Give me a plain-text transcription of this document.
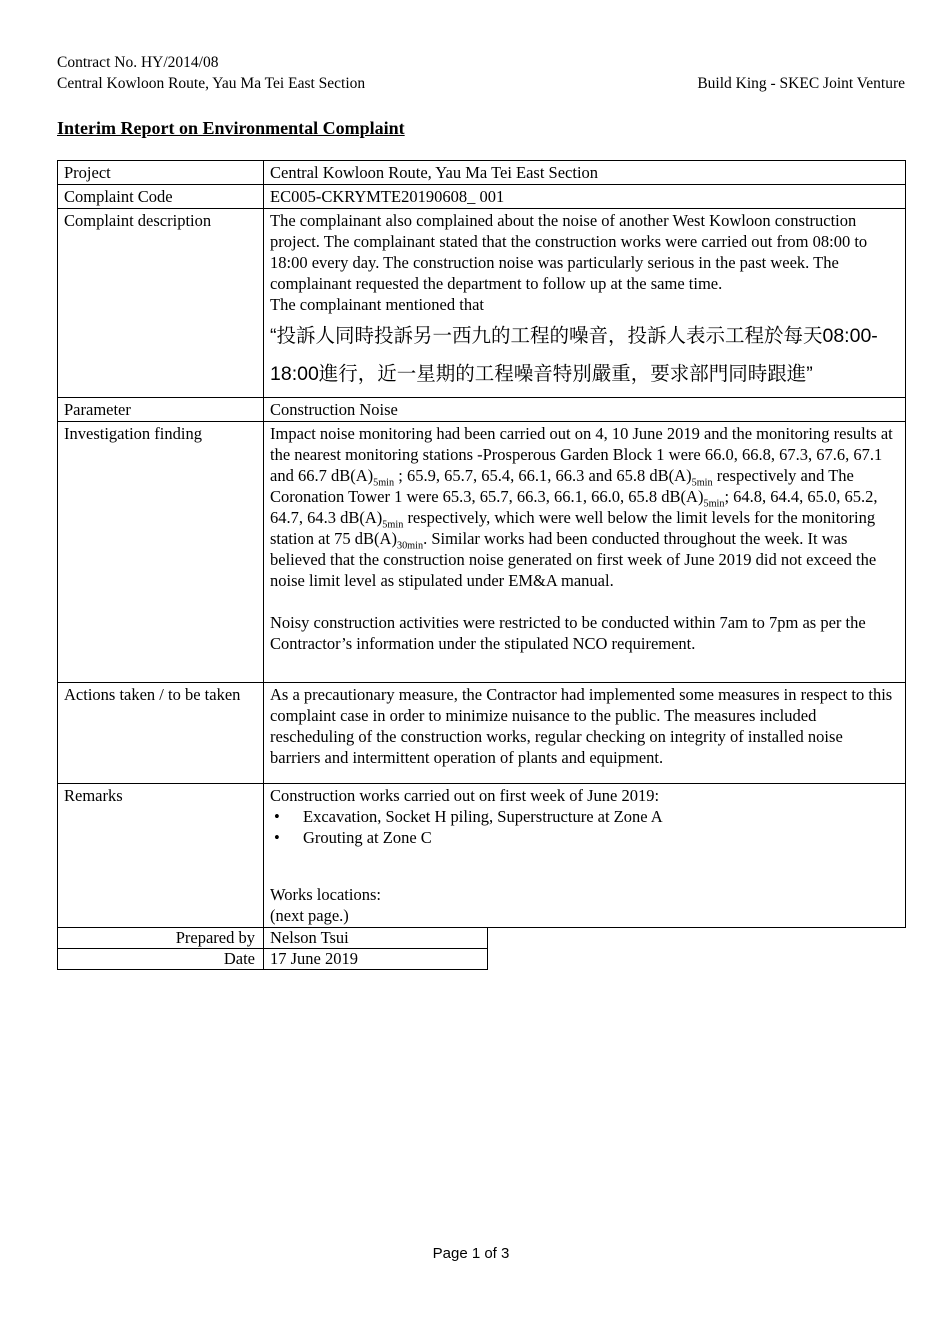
Contract No. HY/2014/08
Central Kowloon Route, Yau Ma Tei East Section	Build King - SKEC Joint Venture
Interim Report on Environmental Complaint
Project	Central Kowloon Route, Yau Ma Tei East Section
Complaint Code	EC005-CKRYMTE20190608_ 001
Complaint description	The complainant also complained about the noise of another West Kowloon construction project. The complainant stated that the construction works were carried out from 08:00 to 18:00 every day. The construction noise was particularly serious in the past week. The complainant requested the department to follow up at the same time.
The complainant mentioned that
“投訴人同時投訴另一西九的工程的噪音，投訴人表示工程於每天08:00-18:00進行，近一星期的工程噪音特別嚴重，要求部門同時跟進”

Parameter	Construction Noise
Investigation finding	Impact noise monitoring had been carried out on 4, 10 June 2019 and the monitoring results at the nearest monitoring stations -Prosperous Garden Block 1 were 66.0, 66.8, 67.3, 67.6, 67.1 and 66.7 $dB(A)_{5min}$ ; 65.9, 65.7, 65.4, 66.1, 66.3 and 65.8 $dB(A)_{5min}$ respectively and The Coronation Tower 1 were 65.3, 65.7, 66.3, 66.1, 66.0, 65.8 $dB(A)_{5min}$; 64.8, 64.4, 65.0, 65.2, 64.7, 64.3 $dB(A)_{5min}$ respectively, which were well below the limit levels for the monitoring station at 75 $dB(A)_{30min}$. Similar works had been conducted throughout the week. It was believed that the construction noise generated on first week of June 2019 did not exceed the noise limit level as stipulated under EM&A manual.
Noisy construction activities were restricted to be conducted within 7am to 7pm as per the Contractor’s information under the stipulated NCO requirement.

Actions taken / to be taken	As a precautionary measure, the Contractor had implemented some measures in respect to this complaint case in order to minimize nuisance to the public. The measures included rescheduling of the construction works, regular checking on integrity of installed noise barriers and intermittent operation of plants and equipment.
Remarks	Construction works carried out on first week of June 2019:
•	Excavation, Socket H piling, Superstructure at Zone A
•	Grouting at Zone C
Works locations:
(next page.)
Prepared by	Nelson Tsui
Date	17 June 2019
Page 1 of 3
